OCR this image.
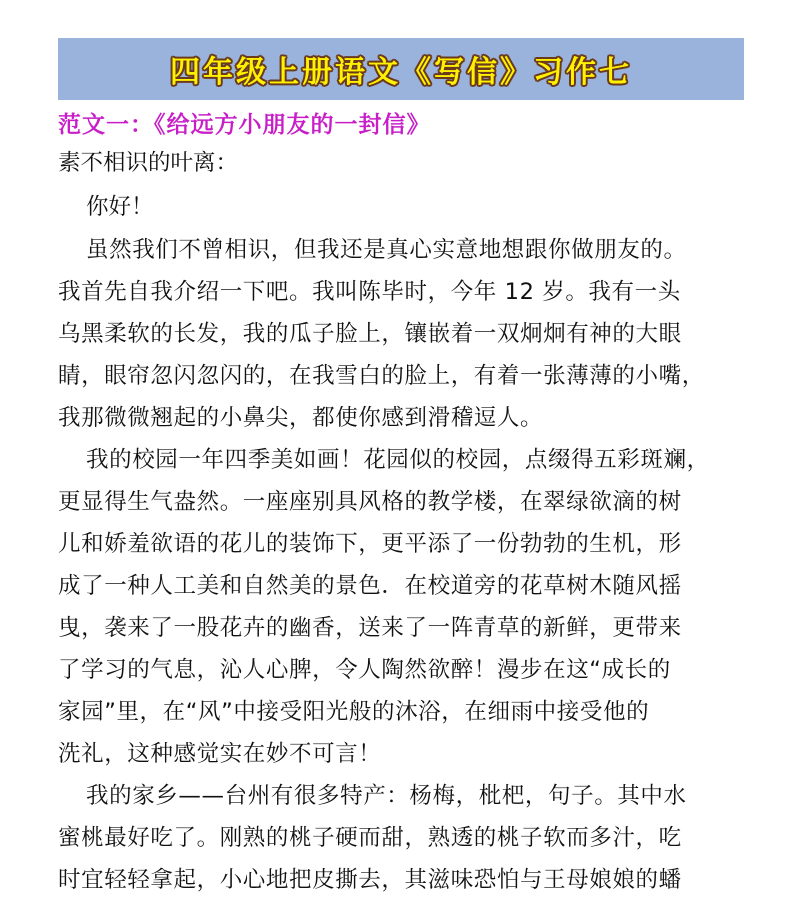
四年级上册语文《写信》习作七
范文一：《给远方小朋友的一封信》
素不相识的叶离：
你好！
虽然我们不曾相识，但我还是真心实意地想跟你做朋友的。
我首先自我介绍一下吧。我叫陈毕时，今年 12 岁。我有一头
乌黑柔软的长发，我的瓜子脸上，镶嵌着一双炯炯有神的大眼
睛，眼帘忽闪忽闪的，在我雪白的脸上，有着一张薄薄的小嘴，
我那微微翘起的小鼻尖，都使你感到滑稽逗人。
我的校园一年四季美如画！花园似的校园，点缀得五彩斑斓，
更显得生气盎然。一座座别具风格的教学楼，在翠绿欲滴的树
儿和娇羞欲语的花儿的装饰下，更平添了一份勃勃的生机，形
成了一种人工美和自然美的景色．在校道旁的花草树木随风摇
曳，袭来了一股花卉的幽香，送来了一阵青草的新鲜，更带来
了学习的气息，沁人心脾，令人陶然欲醉！漫步在这“成长的
家园”里，在“风”中接受阳光般的沐浴，在细雨中接受他的
洗礼，这种感觉实在妙不可言！
我的家乡——台州有很多特产：杨梅，枇杷，句子。其中水
蜜桃最好吃了。刚熟的桃子硬而甜，熟透的桃子软而多汁，吃
时宜轻轻拿起，小心地把皮撕去，其滋味恐怕与王母娘娘的蟠
